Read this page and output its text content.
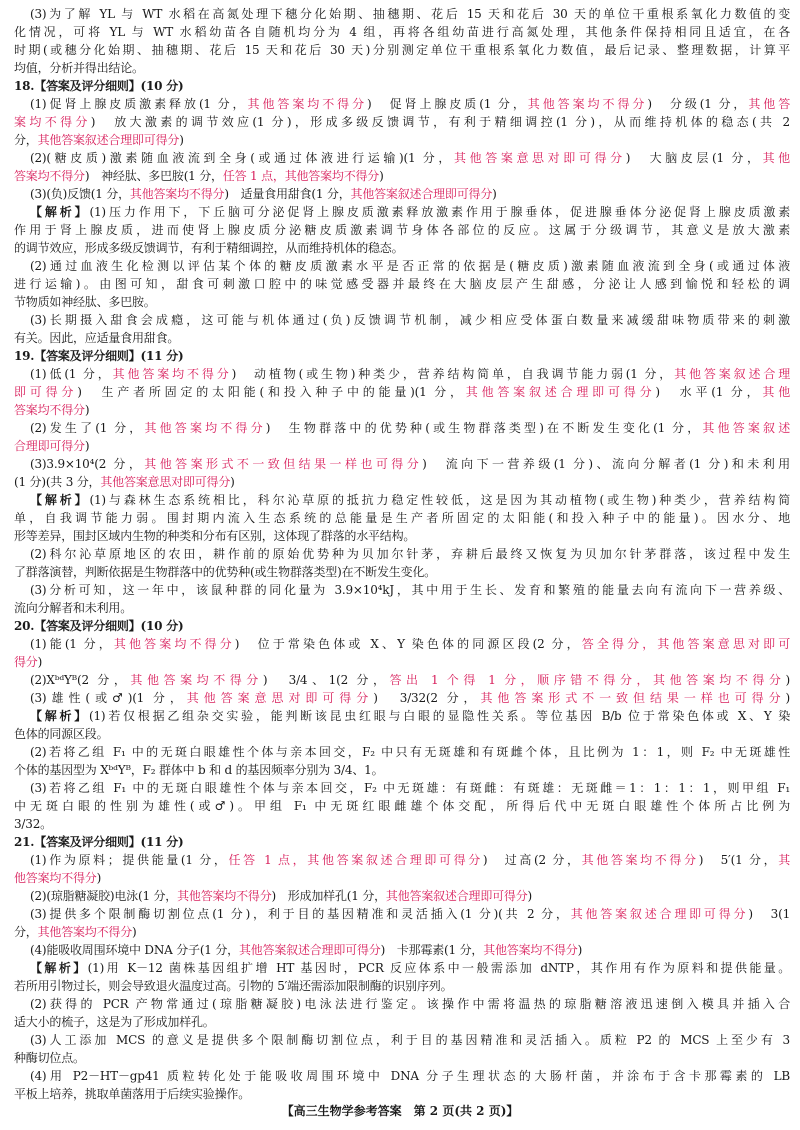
(3)为了解 YL 与 WT 水稻在高氮处理下穗分化始期、抽穗期、花后 15 天和花后 30 天的单位干重根系氧化力数值的变
化情况，可将 YL 与 WT 水稻幼苗各自随机均分为 4 组，再将各组幼苗进行高氮处理，其他条件保持相同且适宜，在各
时期(或穗分化始期、抽穗期、花后 15 天和花后 30 天)分别测定单位干重根系氧化力数值，最后记录、整理数据，计算平
均值，分析并得出结论。
18.【答案及评分细则】(10 分)
(1)促肾上腺皮质激素释放(1 分，其他答案均不得分)　促肾上腺皮质(1 分，其他答案均不得分)　分级(1 分，其他答
案均不得分)　放大激素的调节效应(1 分)，形成多级反馈调节，有利于精细调控(1 分)，从而维持机体的稳态(共 2
分，其他答案叙述合理即可得分)
(2)(糖皮质)激素随血液流到全身(或通过体液进行运输)(1 分，其他答案意思对即可得分)　大脑皮层(1 分，其他
答案均不得分)　神经肽、多巴胺(1 分，任答 1 点，其他答案均不得分)
(3)(负)反馈(1 分，其他答案均不得分)　适量食用甜食(1 分，其他答案叙述合理即可得分)
【解析】(1)压力作用下，下丘脑可分泌促肾上腺皮质激素释放激素作用于腺垂体，促进腺垂体分泌促肾上腺皮质激素
作用于肾上腺皮质，进而使肾上腺皮质分泌糖皮质激素调节身体各部位的反应。这属于分级调节，其意义是放大激素
的调节效应，形成多级反馈调节，有利于精细调控，从而维持机体的稳态。
(2)通过血液生化检测以评估某个体的糖皮质激素水平是否正常的依据是(糖皮质)激素随血液流到全身(或通过体液
进行运输)。由图可知，甜食可刺激口腔中的味觉感受器并最终在大脑皮层产生甜感，分泌让人感到愉悦和轻松的调
节物质如神经肽、多巴胺。
(3)长期摄入甜食会成瘾，这可能与机体通过(负)反馈调节机制，减少相应受体蛋白数量来减缓甜味物质带来的刺激
有关。因此，应适量食用甜食。
19.【答案及评分细则】(11 分)
(1)低(1 分，其他答案均不得分)　动植物(或生物)种类少，营养结构简单，自我调节能力弱(1 分，其他答案叙述合理
即可得分)　生产者所固定的太阳能(和投入种子中的能量)(1 分，其他答案叙述合理即可得分)　水平(1 分，其他
答案均不得分)
(2)发生了(1 分，其他答案均不得分)　生物群落中的优势种(或生物群落类型)在不断发生变化(1 分，其他答案叙述
合理即可得分)
(3)3.9×10⁴(2 分，其他答案形式不一致但结果一样也可得分)　流向下一营养级(1 分)、流向分解者(1 分)和未利用
(1 分)(共 3 分，其他答案意思对即可得分)
【解析】(1)与森林生态系统相比，科尔沁草原的抵抗力稳定性较低，这是因为其动植物(或生物)种类少，营养结构简
单，自我调节能力弱。围封期内流入生态系统的总能量是生产者所固定的太阳能(和投入种子中的能量)。因水分、地
形等差异，围封区域内生物的种类和分布有区别，这体现了群落的水平结构。
(2)科尔沁草原地区的农田，耕作前的原始优势种为贝加尔针茅，弃耕后最终又恢复为贝加尔针茅群落，该过程中发生
了群落演替，判断依据是生物群落中的优势种(或生物群落类型)在不断发生变化。
(3)分析可知，这一年中，该鼠种群的同化量为 3.9×10⁴kJ，其中用于生长、发育和繁殖的能量去向有流向下一营养级、
流向分解者和未利用。
20.【答案及评分细则】(10 分)
(1)能(1 分，其他答案均不得分)　位于常染色体或 X、Y 染色体的同源区段(2 分，答全得分，其他答案意思对即可
得分)
(2)XᵇᵈYᴮ(2 分，其他答案均不得分)　3/4、1(2 分，答出 1 个得 1 分，顺序错不得分，其他答案均不得分)
(3)雄性(或♂)(1 分，其他答案意思对即可得分)　3/32(2 分，其他答案形式不一致但结果一样也可得分)
【解析】(1)若仅根据乙组杂交实验，能判断该昆虫红眼与白眼的显隐性关系。等位基因 B/b 位于常染色体或 X、Y 染
色体的同源区段。
(2)若将乙组 F₁ 中的无斑白眼雄性个体与亲本回交，F₂ 中只有无斑雄和有斑雌个体，且比例为 1：1，则 F₂ 中无斑雄性
个体的基因型为 XᵇᵈYᴮ，F₂ 群体中 b 和 d 的基因频率分别为 3/4、1。
(3)若将乙组 F₁ 中的无斑白眼雄性个体与亲本回交，F₂ 中无斑雄：有斑雌：有斑雄：无斑雌＝1：1：1：1，则甲组 F₁
中无斑白眼的性别为雄性(或♂)。甲组 F₁ 中无斑红眼雌雄个体交配，所得后代中无斑白眼雄性个体所占比例为
3/32。
21.【答案及评分细则】(11 分)
(1)作为原料；提供能量(1 分，任答 1 点，其他答案叙述合理即可得分)　过高(2 分，其他答案均不得分)　5′(1 分，其
他答案均不得分)
(2)(琼脂糖凝胶)电泳(1 分，其他答案均不得分)　形成加样孔(1 分，其他答案叙述合理即可得分)
(3)提供多个限制酶切割位点(1 分)，利于目的基因精准和灵活插入(1 分)(共 2 分，其他答案叙述合理即可得分)　3(1
分，其他答案均不得分)
(4)能吸收周围环境中 DNA 分子(1 分，其他答案叙述合理即可得分)　卡那霉素(1 分，其他答案均不得分)
【解析】(1)用 K－12 菌株基因组扩增 HT 基因时，PCR 反应体系中一般需添加 dNTP，其作用有作为原料和提供能量。
若所用引物过长，则会导致退火温度过高。引物的 5′端还需添加限制酶的识别序列。
(2)获得的 PCR 产物常通过(琼脂糖凝胶)电泳法进行鉴定。该操作中需将温热的琼脂糖溶液迅速倒入模具并插入合
适大小的梳子，这是为了形成加样孔。
(3)人工添加 MCS 的意义是提供多个限制酶切割位点，利于目的基因精准和灵活插入。质粒 P2 的 MCS 上至少有 3
种酶切位点。
(4)用 P2－HT－gp41 质粒转化处于能吸收周围环境中 DNA 分子生理状态的大肠杆菌，并涂布于含卡那霉素的 LB
平板上培养，挑取单菌落用于后续实验操作。
【高三生物学参考答案　第 2 页(共 2 页)】
